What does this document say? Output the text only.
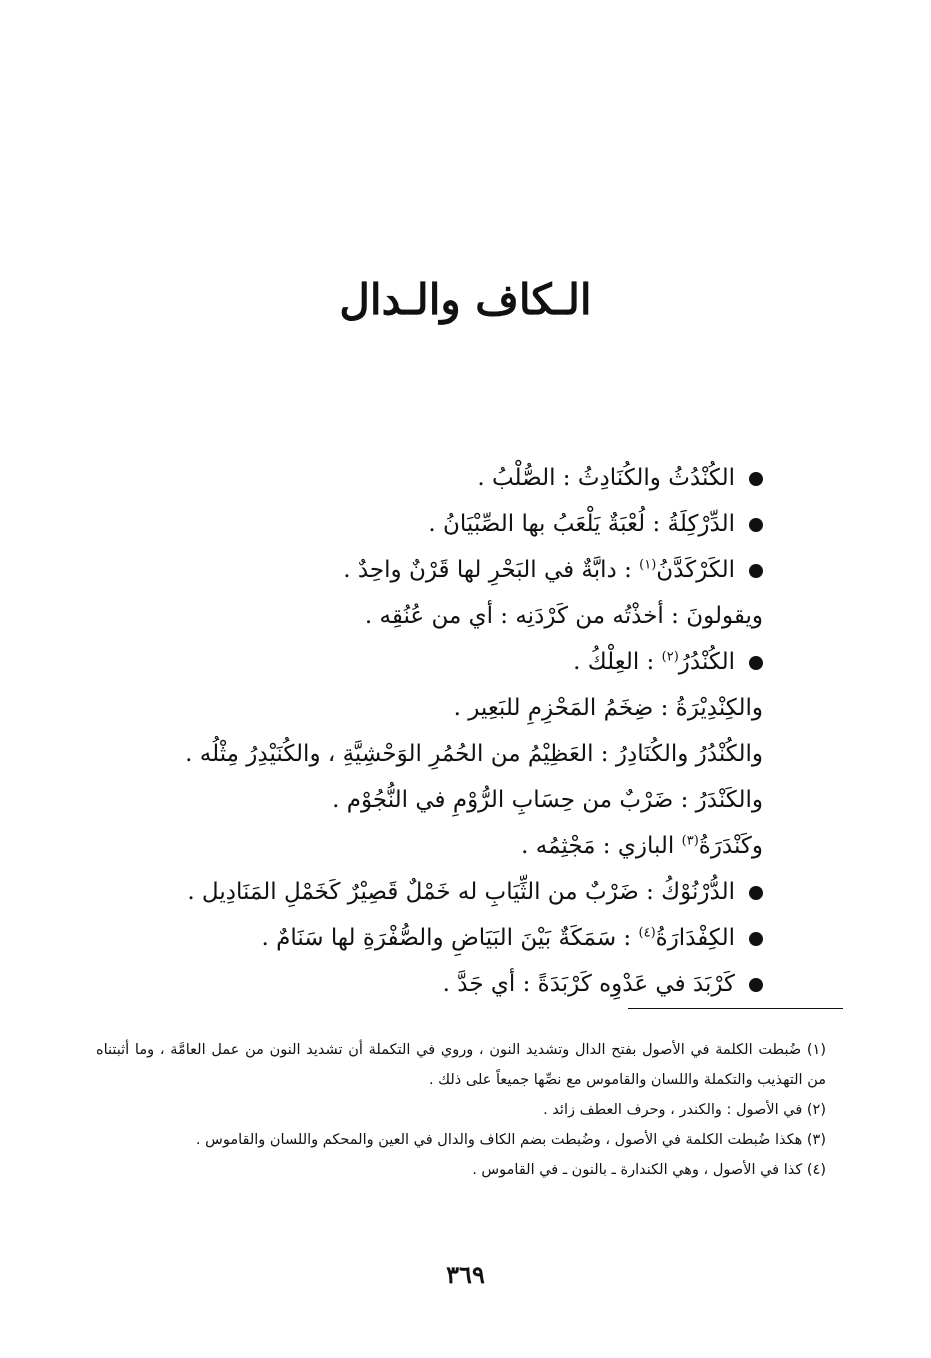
الـكاف والـدال
الكُنْدُثُ والكُنَادِثُ : الصُّلْبُ .
الدِّرْكِلَةُ : لُعْبَةٌ يَلْعَبُ بها الصِّبْيَانُ .
الكَرْكَدَّنُ$^{(١)}$ : دابَّةٌ في البَحْرِ لها قَرْنٌ واحِدٌ .
ويقولونَ : أخذْتُه من كَرْدَنِه : أي من عُنُقِه .
الكُنْدُرُ$^{(٢)}$ : العِلْكُ .
والكِنْدِيْرَةُ : ضِخَمُ المَحْزِمِ للبَعِير .
والكُنْدُرُ والكُنَادِرُ : العَظِيْمُ من الحُمُرِ الوَحْشِيَّةِ ، والكُنَيْدِرُ مِثْلُه .
والكَنْدَرُ : ضَرْبٌ من حِسَابِ الرُّوْمِ في النُّجُوْم .
وكَنْدَرَةُ$^{(٣)}$ البازي : مَجْثِمُه .
الدُّرْنُوْكُ : ضَرْبٌ من الثِّيَابِ له خَمْلٌ قَصِيْرٌ كَخَمْلِ المَنَادِيل .
الكِفْدَارَةُ$^{(٤)}$ : سَمَكَةٌ بَيْنَ البَيَاضِ والصُّفْرَةِ لها سَنَامٌ .
كَرْبَدَ في عَدْوِه كَرْبَدَةً : أي جَدَّ .
(١) ضُبطت الكلمة في الأصول بفتح الدال وتشديد النون ، وروي في التكملة أن تشديد النون من عمل العامَّة ، وما أثبتناه من التهذيب والتكملة واللسان والقاموس مع نصِّها جميعاً على ذلك .
(٢) في الأصول : والكندر ، وحرف العطف زائد .
(٣) هكذا ضُبطت الكلمة في الأصول ، وضُبطت بضم الكاف والدال في العين والمحكم واللسان والقاموس .
(٤) كذا في الأصول ، وهي الكندارة ـ بالنون ـ في القاموس .
٣٦٩
